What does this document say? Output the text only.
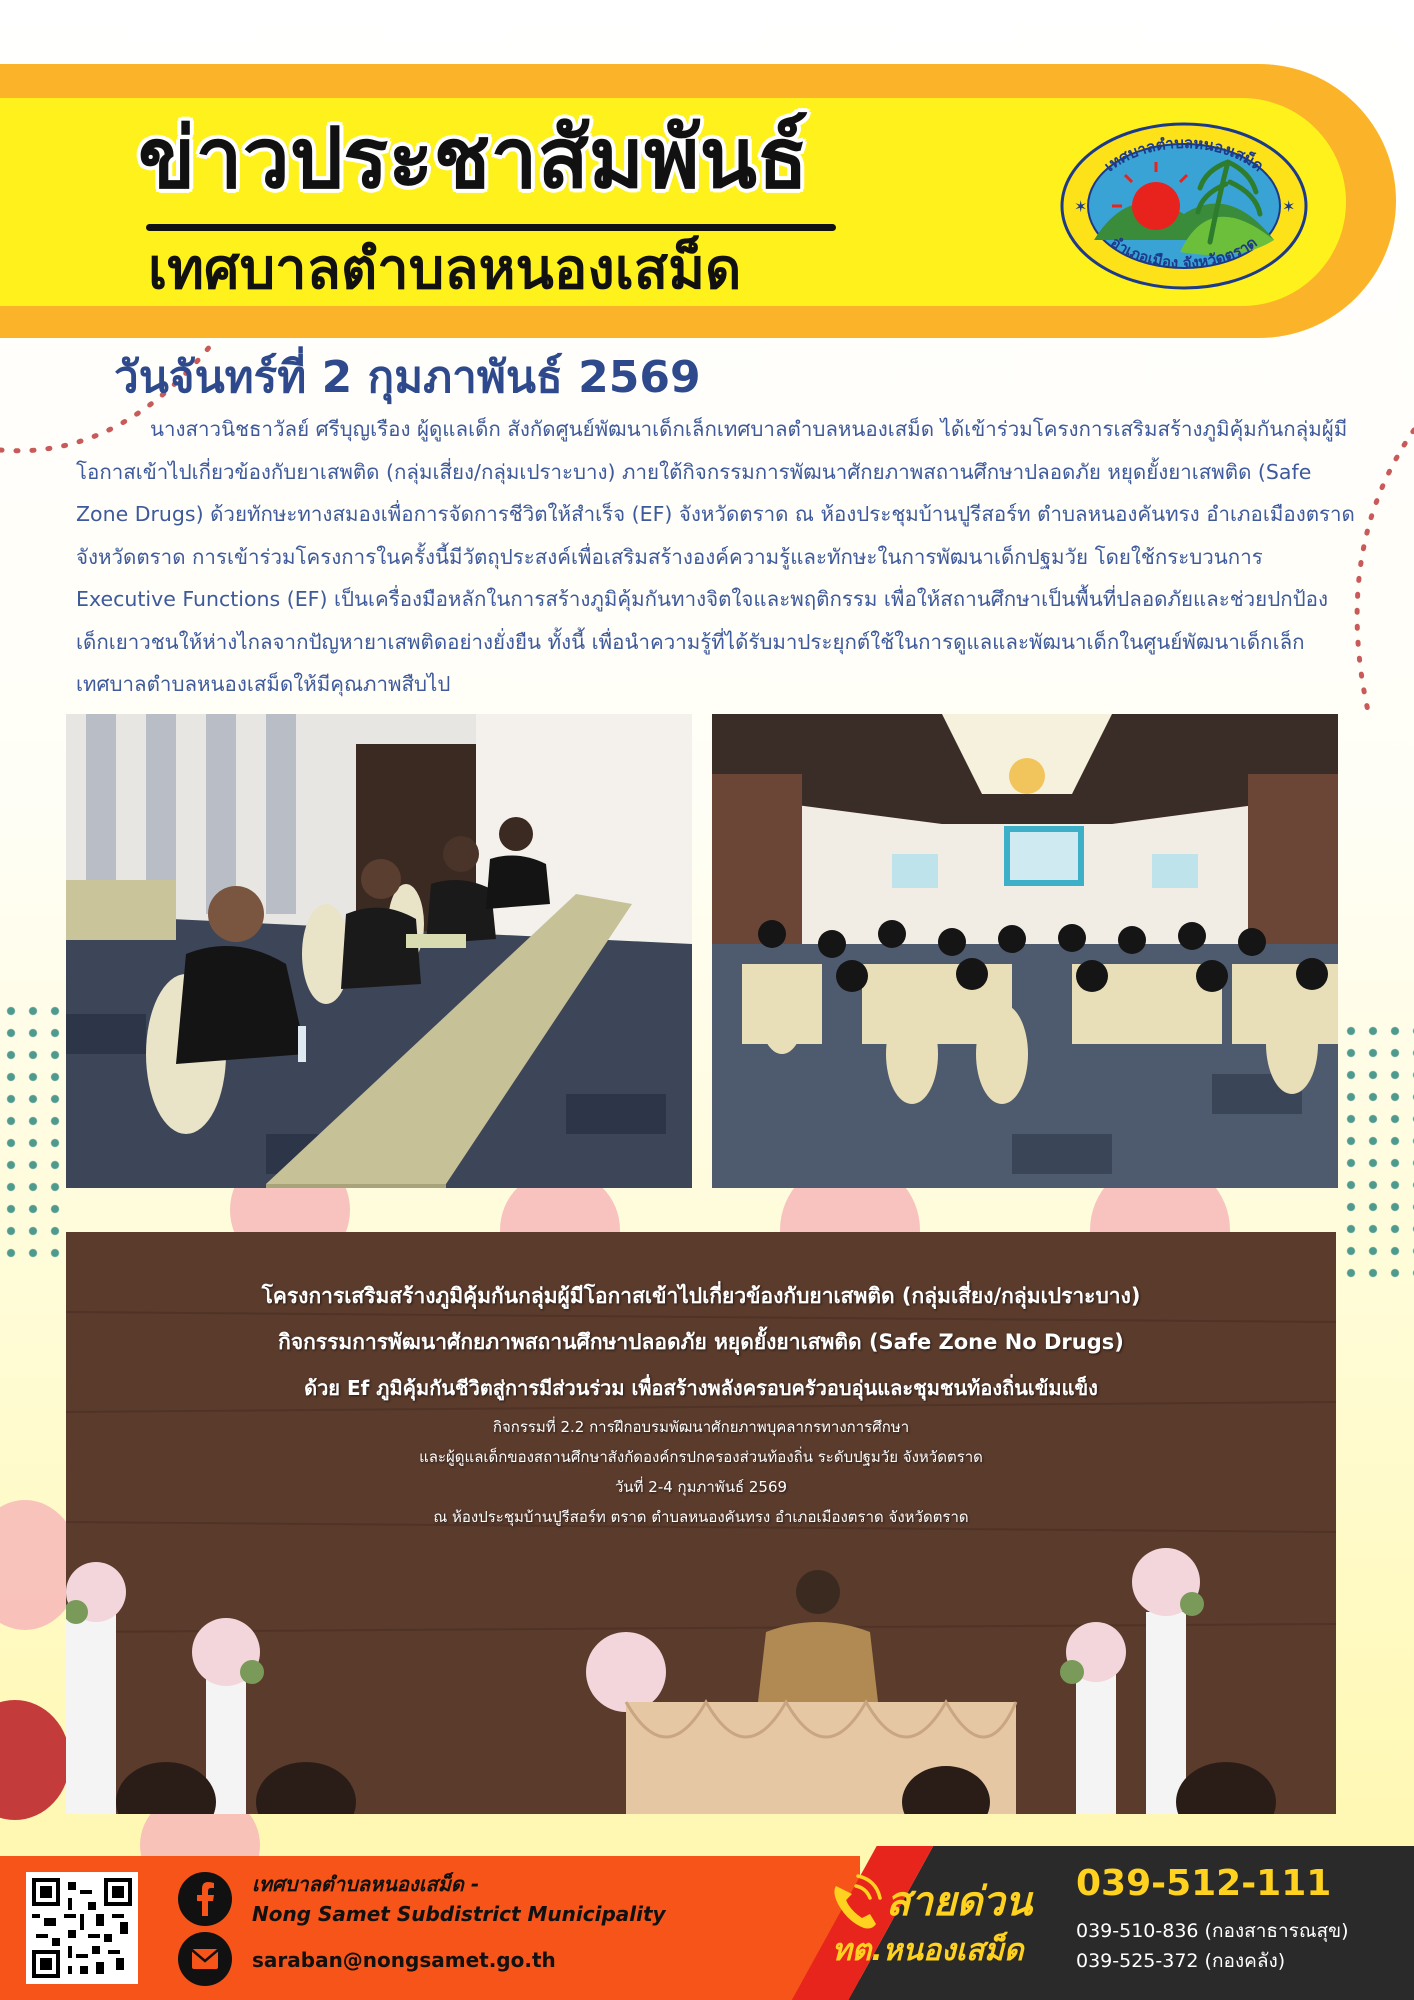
ข่าวประชาสัมพันธ์
เทศบาลตำบลหนองเสม็ด
เทศบาลตำบลหนองเสม็ด
อำเภอเมือง จังหวัดตราด
✶	✶
วันจันทร์ที่ 2 กุมภาพันธ์ 2569

นางสาวนิชธาวัลย์ ศรีบุญเรือง ผู้ดูแลเด็ก สังกัดศูนย์พัฒนาเด็กเล็กเทศบาลตำบลหนองเสม็ด ได้เข้าร่วมโครงการเสริมสร้างภูมิคุ้มกันกลุ่มผู้มีโอกาสเข้าไปเกี่ยวข้องกับยาเสพติด (กลุ่มเสี่ยง/กลุ่มเปราะบาง) ภายใต้กิจกรรมการพัฒนาศักยภาพสถานศึกษาปลอดภัย หยุดยั้งยาเสพติด (Safe Zone Drugs) ด้วยทักษะทางสมองเพื่อการจัดการชีวิตให้สำเร็จ (EF) จังหวัดตราด ณ ห้องประชุมบ้านปูรีสอร์ท ตำบลหนองคันทรง อำเภอเมืองตราด จังหวัดตราด การเข้าร่วมโครงการในครั้งนี้มีวัตถุประสงค์เพื่อเสริมสร้างองค์ความรู้และทักษะในการพัฒนาเด็กปฐมวัย โดยใช้กระบวนการ Executive Functions (EF) เป็นเครื่องมือหลักในการสร้างภูมิคุ้มกันทางจิตใจและพฤติกรรม เพื่อให้สถานศึกษาเป็นพื้นที่ปลอดภัยและช่วยปกป้องเด็กเยาวชนให้ห่างไกลจากปัญหายาเสพติดอย่างยั่งยืน ทั้งนี้ เพื่อนำความรู้ที่ได้รับมาประยุกต์ใช้ในการดูแลและพัฒนาเด็กในศูนย์พัฒนาเด็กเล็กเทศบาลตำบลหนองเสม็ดให้มีคุณภาพสืบไป

โครงการเสริมสร้างภูมิคุ้มกันกลุ่มผู้มีโอกาสเข้าไปเกี่ยวข้องกับยาเสพติด (กลุ่มเสี่ยง/กลุ่มเปราะบาง)

กิจกรรมการพัฒนาศักยภาพสถานศึกษาปลอดภัย หยุดยั้งยาเสพติด (Safe Zone No Drugs)

ด้วย Ef ภูมิคุ้มกันชีวิตสู่การมีส่วนร่วม เพื่อสร้างพลังครอบครัวอบอุ่นและชุมชนท้องถิ่นเข้มแข็ง

กิจกรรมที่ 2.2 การฝึกอบรมพัฒนาศักยภาพบุคลากรทางการศึกษา

และผู้ดูแลเด็กของสถานศึกษาสังกัดองค์กรปกครองส่วนท้องถิ่น ระดับปฐมวัย จังหวัดตราด

วันที่ 2-4 กุมภาพันธ์ 2569

ณ ห้องประชุมบ้านปูรีสอร์ท ตราด ตำบลหนองคันทรง อำเภอเมืองตราด จังหวัดตราด

เทศบาลตำบลหนองเสม็ด -

Nong Samet Subdistrict Municipality

saraban@nongsamet.go.th

สายด่วน

ทต.หนองเสม็ด

039-512-111

039-510-836 (กองสาธารณสุข)

039-525-372 (กองคลัง)
